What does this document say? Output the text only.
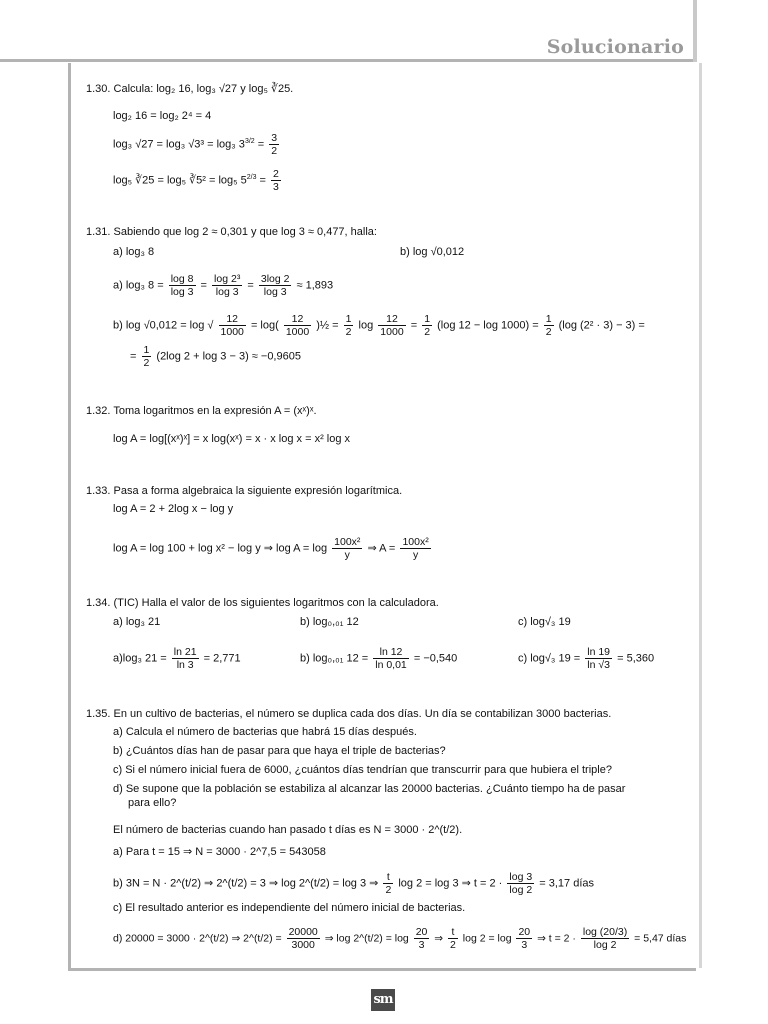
Solucionario
1.30. Calcula: log₂ 16, log₃ √27 y log₅ ∛25.
log₂ 16 = log₂ 2⁴ = 4
log₃ √27 = log₃ √3³ = log₃ $3^{3/2} = \frac{3}{2}$
log₅ ∛25 = log₅ ∛5² = log₅ $5^{2/3} = \frac{2}{3}$
1.31. Sabiendo que log 2 ≈ 0,301 y que log 3 ≈ 0,477, halla:
a) log₃ 8	b) log √0,012
a) log₃ $8 = \frac{\log 8}{\log 3} = \frac{\text{log 2³}}{\log 3} = \frac{3\log 2}{\log 3} \approx 1,893$
b) log √0,012 = log √ $\frac{12}{1000} = \log( \frac{12}{1000}$ )½ = $\frac{1}{2}$ $\log \frac{12}{1000} = \frac{1}{2} (\log$ $12 - \log 1000) = \frac{1}{2} (\log$ (2² · 3) − 3) =
= $\frac{1}{2} (2\log$ 2 + log 3 − 3) ≈ −0,9605
1.32. Toma logaritmos en la expresión A = (xˣ)ˣ.
log A = log[(xˣ)ˣ] = x log(xˣ) = x · x log x = x² log x
1.33. Pasa a forma algebraica la siguiente expresión logarítmica.
log A = 2 + 2log x − log y
log A = log 100 + log x² − log y ⇒ $\log A = \log \frac{\text{100x²}}{y}$ ⇒ $A = \frac{\text{100x²}}{y}$
1.34. (TIC) Halla el valor de los siguientes logaritmos con la calculadora.
a) log₃ 21	b) log₀,₀₁ 12	c) log√₃ 19
a)log₃ $21 = \frac{\ln 21}{\ln 3} = 2,771$	b) log₀,₀₁ $12 = \frac{\ln 12}{\ln 0,01} = -0,540$	c) log√₃ $19 = \frac{\ln 19}{\ln √3} = 5,360$
1.35. En un cultivo de bacterias, el número se duplica cada dos días. Un día se contabilizan 3000 bacterias.
a) Calcula el número de bacterias que habrá 15 días después.
b) ¿Cuántos días han de pasar para que haya el triple de bacterias?
c) Si el número inicial fuera de 6000, ¿cuántos días tendrían que transcurrir para que hubiera el triple?
d) Se supone que la población se estabiliza al alcanzar las 20000 bacterias. ¿Cuánto tiempo ha de pasar
para ello?
El número de bacterias cuando han pasado t días es N = 3000 · 2^(t/2).
a) Para t = 15 ⇒ N = 3000 · 2^7,5 = 543058
b) 3N = N · 2^(t/2) ⇒ 2^(t/2) = 3 ⇒ log 2^(t/2) = log 3 ⇒ $\frac{t}{2}$ log 2 = log 3 ⇒ $t = 2 \cdot \frac{\log 3}{\log 2} = 3,17$ días
c) El resultado anterior es independiente del número inicial de bacterias.
d) 20000 = 3000 · 2^(t/2) ⇒ 2^(t/2) = $\frac{20000}{3000}$ ⇒ log 2^(t/2) = $\log \frac{20}{3}$ ⇒ $\frac{t}{2}$ $\log 2 = \log \frac{20}{3}$ ⇒ $t = 2 \cdot \frac{\log (20/3)}{\log 2} = 5,47$ días
sm
